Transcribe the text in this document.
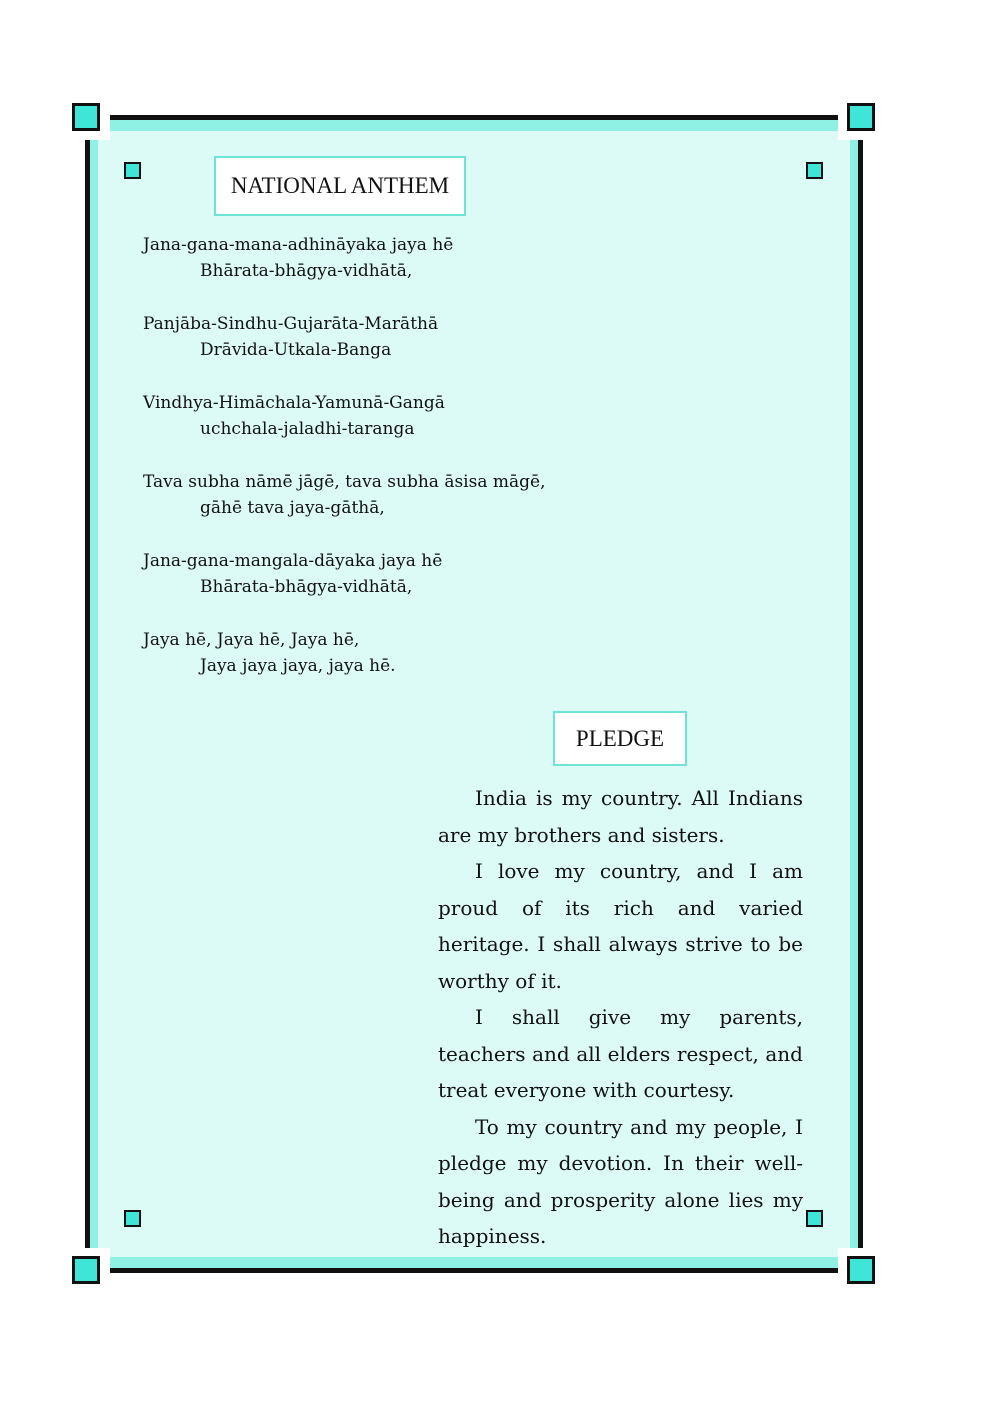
NATIONAL ANTHEM
Jana-gana-mana-adhināyaka jaya hē
Bhārata-bhāgya-vidhātā,
Panjāba-Sindhu-Gujarāta-Marāthā
Drāvida-Utkala-Banga
Vindhya-Himāchala-Yamunā-Gangā
uchchala-jaladhi-taranga
Tava subha nāmē jāgē, tava subha āsisa māgē,
gāhē tava jaya-gāthā,
Jana-gana-mangala-dāyaka jaya hē
Bhārata-bhāgya-vidhātā,
Jaya hē, Jaya hē, Jaya hē,
Jaya jaya jaya, jaya hē.
PLEDGE

India is my country. All Indians are my brothers and sisters.

I love my country, and I am proud of its rich and varied heritage. I shall always strive to be worthy of it.

I shall give my parents, teachers and all elders respect, and treat everyone with courtesy.

To my country and my people, I pledge my devotion. In their well-being and prosperity alone lies my happiness.
